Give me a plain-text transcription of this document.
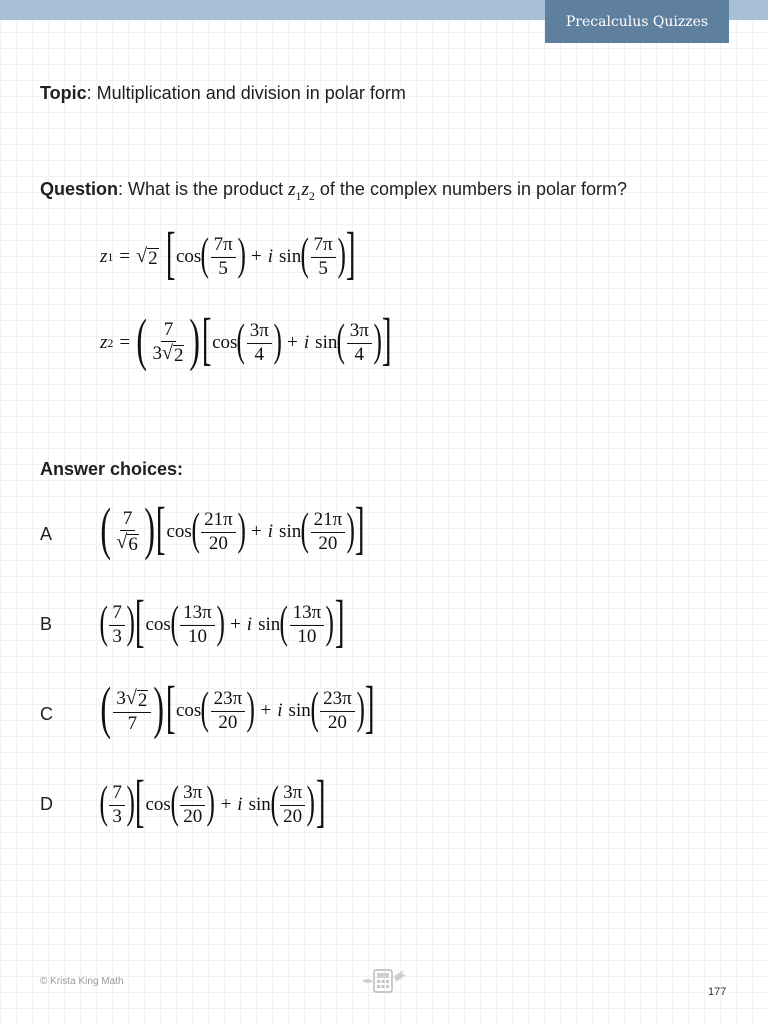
Precalculus Quizzes
Topic: Multiplication and division in polar form
Question: What is the product $z_1z_2$ of the complex numbers in polar form?
z 1 = √ 2 [ cos ( $\frac{7\pi}{5}$ ) + i sin ( $\frac{7\pi}{5}$ ) ]
z 2 = ( $\frac{7}{3 √ 2}$ ) [ cos ( $\frac{3\pi}{4}$ ) + i sin ( $\frac{3\pi}{4}$ ) ]
Answer choices:
A ( $\frac{7}{√ 6}$ ) [ cos ( $\frac{21\pi}{20}$ ) + i sin ( $\frac{21\pi}{20}$ ) ]
B ( $\frac{7}{3}$ ) [ cos ( $\frac{13\pi}{10}$ ) + i sin ( $\frac{13\pi}{10}$ ) ]
C ( $\frac{3 √ 2}{7}$ ) [ cos ( $\frac{23\pi}{20}$ ) + i sin ( $\frac{23\pi}{20}$ ) ]
D ( $\frac{7}{3}$ ) [ cos ( $\frac{3\pi}{20}$ ) + i sin ( $\frac{3\pi}{20}$ ) ]
© Krista King Math
177
